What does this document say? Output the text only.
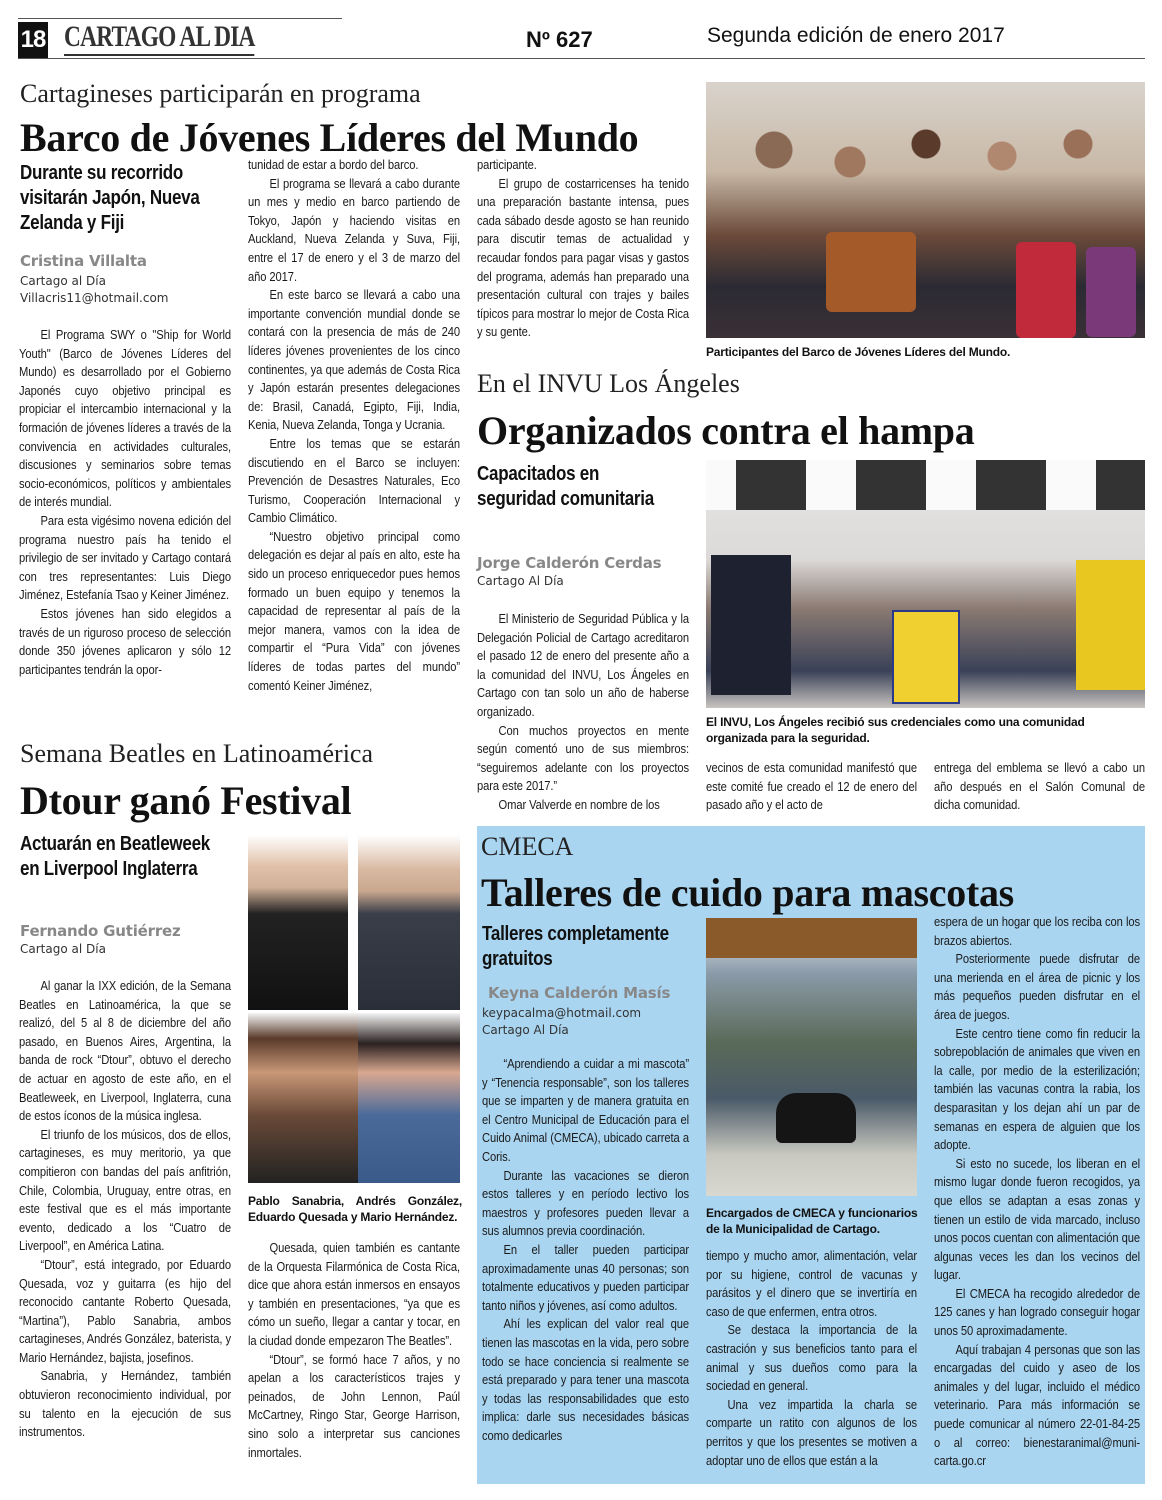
18 CARTAGO AL DIA	Nº 627	Segunda edición de enero 2017
Cartagineses participarán en programa
Barco de Jóvenes Líderes del Mundo
Durante su recorrido visitarán Japón, Nueva Zelanda y Fiji
Cristina Villalta
Cartago al Día
Villacris11@hotmail.com

El Programa SWY o "Ship for World Youth" (Barco de Jóvenes Líderes del Mundo) es desarrollado por el Gobierno Japonés cuyo objetivo principal es propiciar el intercambio internacional y la formación de jóvenes líderes a través de la convivencia en actividades culturales, discusiones y seminarios sobre temas socio-económicos, políticos y ambientales de interés mundial.

Para esta vigésimo novena edición del programa nuestro país ha tenido el privilegio de ser invitado y Cartago contará con tres representantes: Luis Diego Jiménez, Estefanía Tsao y Keiner Jiménez.

Estos jóvenes han sido elegidos a través de un riguroso proceso de selección donde 350 jóvenes aplicaron y sólo 12 participantes tendrán la opor-

tunidad de estar a bordo del barco.

El programa se llevará a cabo durante un mes y medio en barco partiendo de Tokyo, Japón y haciendo visitas en Auckland, Nueva Zelanda y Suva, Fiji, entre el 17 de enero y el 3 de marzo del año 2017.

En este barco se llevará a cabo una importante convención mundial donde se contará con la presencia de más de 240 líderes jóvenes provenientes de los cinco continentes, ya que además de Costa Rica y Japón estarán presentes delegaciones de: Brasil, Canadá, Egipto, Fiji, India, Kenia, Nueva Zelanda, Tonga y Ucrania.

Entre los temas que se estarán discutiendo en el Barco se incluyen: Prevención de Desastres Naturales, Eco Turismo, Cooperación Internacional y Cambio Climático.

“Nuestro objetivo principal como delegación es dejar al país en alto, este ha sido un proceso enriquecedor pues hemos formado un buen equipo y tenemos la capacidad de representar al país de la mejor manera, vamos con la idea de compartir el “Pura Vida” con jóvenes líderes de todas partes del mundo” comentó Keiner Jiménez,

participante.

El grupo de costarricenses ha tenido una preparación bastante intensa, pues cada sábado desde agosto se han reunido para discutir temas de actualidad y recaudar fondos para pagar visas y gastos del programa, además han preparado una presentación cultural con trajes y bailes típicos para mostrar lo mejor de Costa Rica y su gente.

Participantes del Barco de Jóvenes Líderes del Mundo.
En el INVU Los Ángeles
Organizados contra el hampa
Capacitados en seguridad comunitaria
Jorge Calderón Cerdas
Cartago Al Día

El Ministerio de Seguridad Pública y la Delegación Policial de Cartago acreditaron el pasado 12 de enero del presente año a la comunidad del INVU, Los Ángeles en Cartago con tan solo un año de haberse organizado.

Con muchos proyectos en mente según comentó uno de sus miembros: “seguiremos adelante con los proyectos para este 2017.”

Omar Valverde en nombre de los

El INVU, Los Ángeles recibió sus credenciales como una comunidad organizada para la seguridad.

vecinos de esta comunidad manifestó que este comité fue creado el 12 de enero del pasado año y el acto de

entrega del emblema se llevó a cabo un año después en el Salón Comunal de dicha comunidad.

Semana Beatles en Latinoamérica
Dtour ganó Festival
Actuarán en Beatleweek en Liverpool Inglaterra
Fernando Gutiérrez
Cartago al Día

Al ganar la IXX edición, de la Semana Beatles en Latinoamérica, la que se realizó, del 5 al 8 de diciembre del año pasado, en Buenos Aires, Argentina, la banda de rock “Dtour”, obtuvo el derecho de actuar en agosto de este año, en el Beatleweek, en Liverpool, Inglaterra, cuna de estos íconos de la música inglesa.

El triunfo de los músicos, dos de ellos, cartagineses, es muy meritorio, ya que compitieron con bandas del país anfitrión, Chile, Colombia, Uruguay, entre otras, en este festival que es el más importante evento, dedicado a los “Cuatro de Liverpool”, en América Latina.

“Dtour”, está integrado, por Eduardo Quesada, voz y guitarra (es hijo del reconocido cantante Roberto Quesada, “Martina”), Pablo Sanabria, ambos cartagineses, Andrés González, baterista, y Mario Hernández, bajista, josefinos.

Sanabria, y Hernández, también obtuvieron reconocimiento individual, por su talento en la ejecución de sus instrumentos.

Pablo Sanabria, Andrés González, Eduardo Quesada y Mario Hernández.

Quesada, quien también es cantante de la Orquesta Filarmónica de Costa Rica, dice que ahora están inmersos en ensayos y también en presentaciones, “ya que es cómo un sueño, llegar a cantar y tocar, en la ciudad donde empezaron The Beatles”.

“Dtour”, se formó hace 7 años, y no apelan a los característicos trajes y peinados, de John Lennon, Paúl McCartney, Ringo Star, George Harrison, sino solo a interpretar sus canciones inmortales.

CMECA
Talleres de cuido para mascotas
Talleres completamente gratuitos
Keyna Calderón Masís
keypacalma@hotmail.com
Cartago Al Día

“Aprendiendo a cuidar a mi mascota” y “Tenencia responsable”, son los talleres que se imparten y de manera gratuita en el Centro Municipal de Educación para el Cuido Animal (CMECA), ubicado carreta a Coris.

Durante las vacaciones se dieron estos talleres y en período lectivo los maestros y profesores pueden llevar a sus alumnos previa coordinación.

En el taller pueden participar aproximadamente unas 40 personas; son totalmente educativos y pueden participar tanto niños y jóvenes, así como adultos.

Ahí les explican del valor real que tienen las mascotas en la vida, pero sobre todo se hace conciencia si realmente se está preparado y para tener una mascota y todas las responsabilidades que esto implica: darle sus necesidades básicas como dedicarles

Encargados de CMECA y funcionarios de la Municipalidad de Cartago.

tiempo y mucho amor, alimentación, velar por su higiene, control de vacunas y parásitos y el dinero que se invertiría en caso de que enfermen, entra otros.

Se destaca la importancia de la castración y sus beneficios tanto para el animal y sus dueños como para la sociedad en general.

Una vez impartida la charla se comparte un ratito con algunos de los perritos y que los presentes se motiven a adoptar uno de ellos que están a la

espera de un hogar que los reciba con los brazos abiertos.

Posteriormente puede disfrutar de una merienda en el área de picnic y los más pequeños pueden disfrutar en el área de juegos.

Este centro tiene como fin reducir la sobrepoblación de animales que viven en la calle, por medio de la esterilización; también las vacunas contra la rabia, los desparasitan y los dejan ahí un par de semanas en espera de alguien que los adopte.

Si esto no sucede, los liberan en el mismo lugar donde fueron recogidos, ya que ellos se adaptan a esas zonas y tienen un estilo de vida marcado, incluso unos pocos cuentan con alimentación que algunas veces les dan los vecinos del lugar.

El CMECA ha recogido alrededor de 125 canes y han logrado conseguir hogar unos 50 aproximadamente.

Aquí trabajan 4 personas que son las encargadas del cuido y aseo de los animales y del lugar, incluido el médico veterinario. Para más información se puede comunicar al número 22-01-84-25 o al correo: bienestaranimal@muni-carta.go.cr
